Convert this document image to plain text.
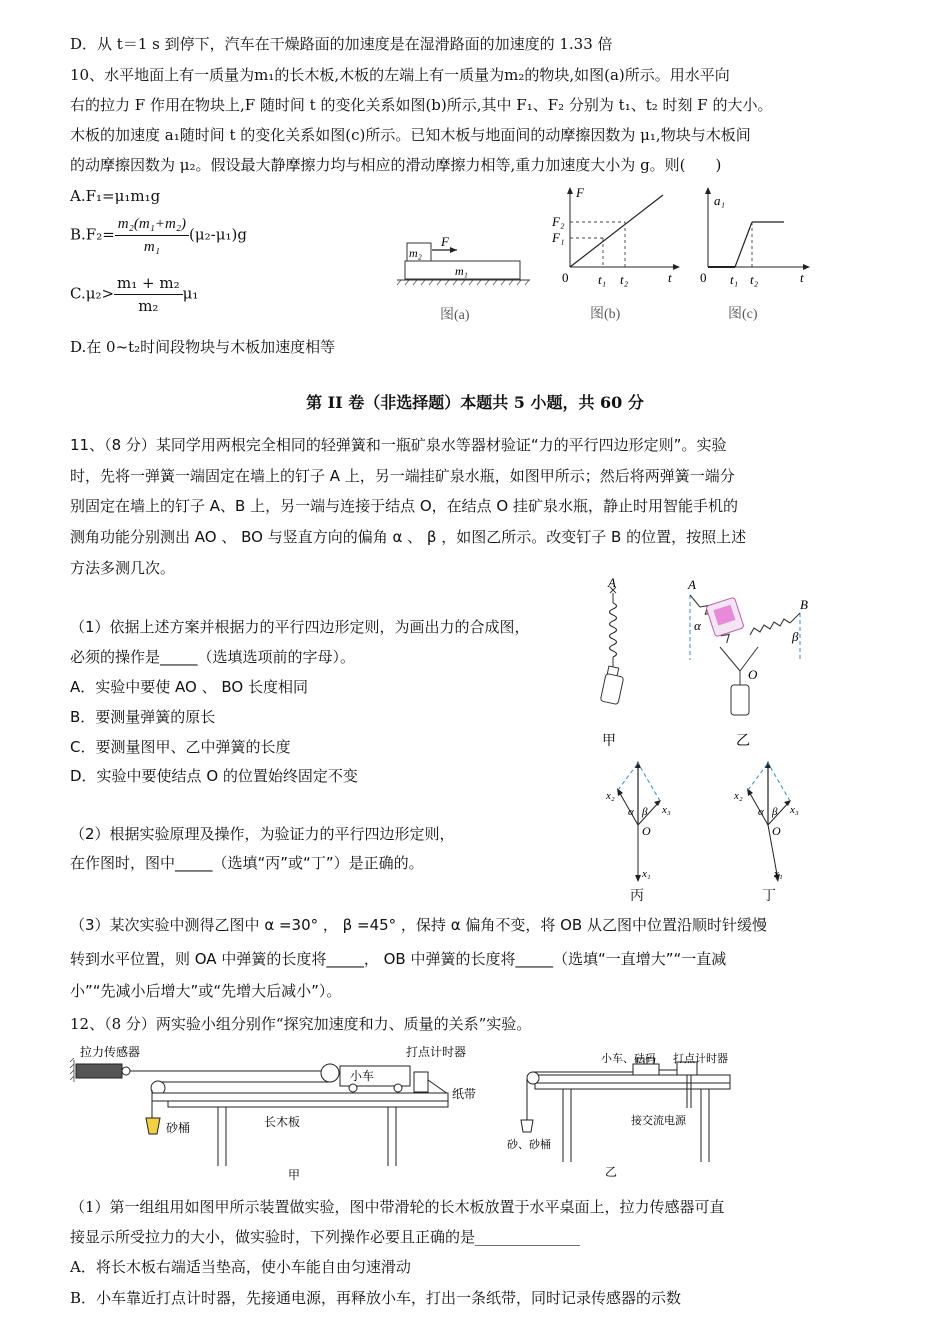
D．从 t＝1 s 到停下，汽车在干燥路面的加速度是在湿滑路面的加速度的 1.33 倍
10、水平地面上有一质量为m₁的长木板,木板的左端上有一质量为m₂的物块,如图(a)所示。用水平向
右的拉力 F 作用在物块上,F 随时间 t 的变化关系如图(b)所示,其中 F₁、F₂ 分别为 t₁、t₂ 时刻 F 的大小。
木板的加速度 a₁随时间 t 的变化关系如图(c)所示。已知木板与地面间的动摩擦因数为 μ₁,物块与木板间
的动摩擦因数为 μ₂。假设最大静摩擦力均与相应的滑动摩擦力相等,重力加速度大小为 g。则(　　)
A.F₁=μ₁m₁g
$B.F_2= \frac{\text{m₂(m₁+m₂)}}{\text{m₁}} (\mu_2-\mu_1)g$
$C.\mu_2> \frac{\text{m₁ + m₂}}{\text{m₂}} \mu_1$
D.在 0~t₂时间段物块与木板加速度相等
m₂
F
m₁
图(a)
F
F₂
F₁
0 t₁ t₂	t
图(b)
a₁
0 t₁ t₂	t
图(c)
第 II 卷（非选择题）本题共 5 小题，共 60 分
11、（8 分）某同学用两根完全相同的轻弹簧和一瓶矿泉水等器材验证“力的平行四边形定则”。实验
时，先将一弹簧一端固定在墙上的钉子 A 上，另一端挂矿泉水瓶，如图甲所示；然后将两弹簧一端分
别固定在墙上的钉子 A、B 上，另一端与连接于结点 O，在结点 O 挂矿泉水瓶，静止时用智能手机的
测角功能分别测出 AO 、 BO 与竖直方向的偏角 α 、 β ，如图乙所示。改变钉子 B 的位置，按照上述
方法多测几次。
（1）依据上述方案并根据力的平行四边形定则，为画出力的合成图，
必须的操作是_____（选填选项前的字母）。
A．实验中要使 AO 、 BO 长度相同
B．要测量弹簧的原长
C．要测量图甲、乙中弹簧的长度
D．实验中要使结点 O 的位置始终固定不变
（2）根据实验原理及操作，为验证力的平行四边形定则，
在作图时，图中_____（选填“丙”或“丁”）是正确的。
（3）某次实验中测得乙图中 α =30° ， β =45° ，保持 α 偏角不变，将 OB 从乙图中位置沿顺时针缓慢
转到水平位置，则 OA 中弹簧的长度将_____， OB 中弹簧的长度将_____（选填“一直增大”“一直减
小”“先减小后增大”或“先增大后减小”）。
A
甲
A
B
α
β
O
乙
x₂
x₃
α β
O
x₁
x₂
x₃
α β
O
x₁
丙	丁
12、（8 分）两实验小组分别作“探究加速度和力、质量的关系”实验。
拉力传感器
小车
打点计时器
纸带
长木板
砂桶
甲
小车、砝码 打点计时器
接交流电源
砂、砂桶
乙
（1）第一组组用如图甲所示装置做实验，图中带滑轮的长木板放置于水平桌面上，拉力传感器可直
接显示所受拉力的大小，做实验时，下列操作必要且正确的是______________
A．将长木板右端适当垫高，使小车能自由匀速滑动
B．小车靠近打点计时器，先接通电源，再释放小车，打出一条纸带，同时记录传感器的示数
